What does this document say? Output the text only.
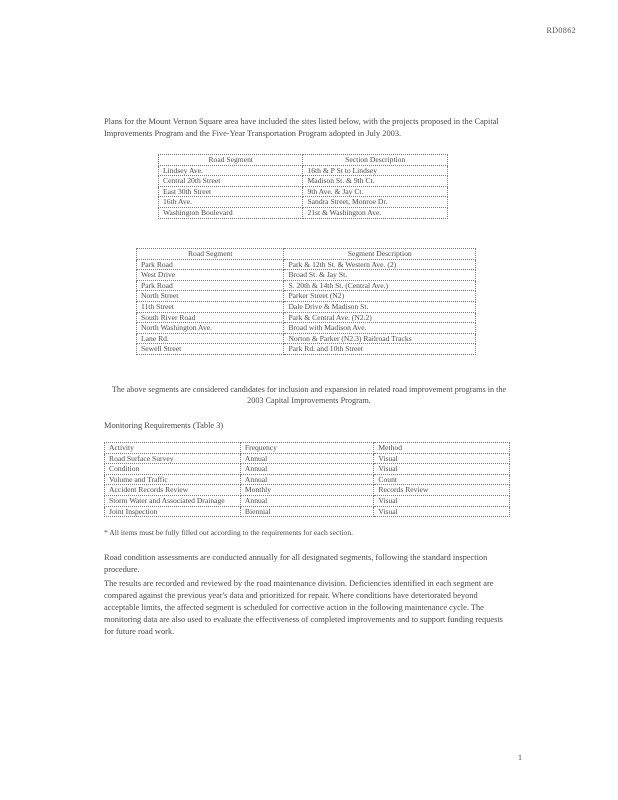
RD0862
Plans for the Mount Vernon Square area have included the sites listed below, with the projects proposed in the Capital Improvements Program and the Five-Year Transportation Program adopted in July 2003.
Road Segment	Section Description
Lindsey Ave.	16th & P St to Lindsey
Central 20th Street	Madison St. & 9th Ct.
East 30th Street	9th Ave. & Jay Ct.
16th Ave.	Sandra Street, Monroe Dr.
Washington Boulevard	21st & Washington Ave.
Road Segment	Segment Description
Park Road	Park & 12th St. & Western Ave. (2)
West Drive	Broad St. & Jay St.
Park Road	S. 20th & 14th St. (Central Ave.)
North Street	Parker Street (N2)
11th Street	Dale Drive & Madison St.
South River Road	Park & Central Ave. (N2.2)
North Washington Ave.	Broad with Madison Ave.
Lane Rd.	Norton & Parker (N2.3) Railroad Tracks
Sewell Street	Park Rd. and 10th Street
The above segments are considered candidates for inclusion and expansion in related road improvement programs in the 2003 Capital Improvements Program.
Monitoring Requirements (Table 3)
Activity	Frequency	Method
Road Surface Survey	Annual	Visual
Condition	Annual	Visual
Volume and Traffic	Annual	Count
Accident Records Review	Monthly	Records Review
Storm Water and Associated Drainage	Annual	Visual
Joint Inspection	Biennial	Visual
* All items must be fully filled out according to the requirements for each section.
Road condition assessments are conducted annually for all designated segments, following the standard inspection procedure.
The results are recorded and reviewed by the road maintenance division. Deficiencies identified in each segment are compared against the previous year's data and prioritized for repair. Where conditions have deteriorated beyond acceptable limits, the affected segment is scheduled for corrective action in the following maintenance cycle. The monitoring data are also used to evaluate the effectiveness of completed improvements and to support funding requests for future road work.
1
